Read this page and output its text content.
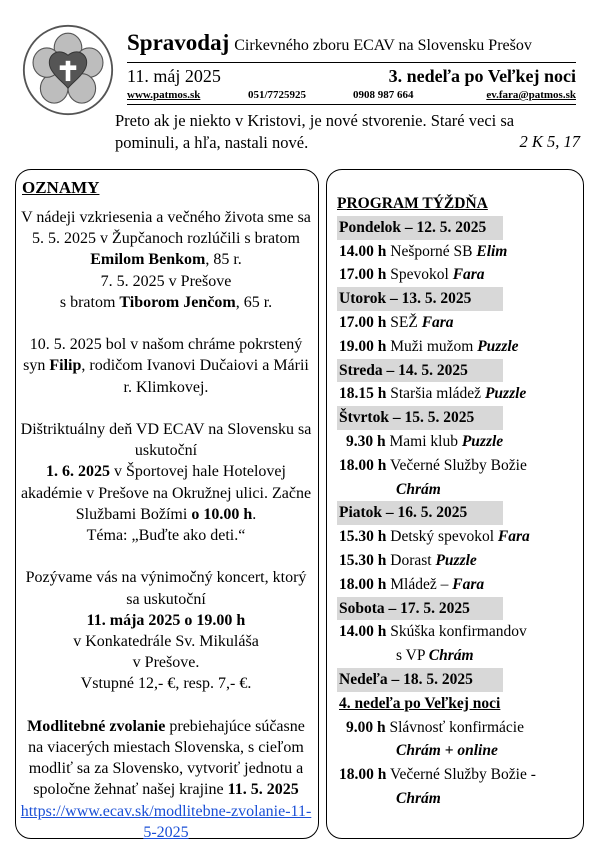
Spravodaj Cirkevného zboru ECAV na Slovensku Prešov
11. máj 2025	3. nedeľa po Veľkej noci
www.patmos.sk	051/7725925	0908 987 664	ev.fara@patmos.sk
Preto ak je niekto v Kristovi, je nové stvorenie. Staré veci sa pominuli, a hľa, nastali nové.	2 K 5, 17
OZNAMY

V nádeji vzkriesenia a večného života sme sa 5. 5. 2025 v Župčanoch rozlúčili s bratom Emilom Benkom, 85 r.
7. 5. 2025 v Prešove
s bratom Tiborom Jenčom, 65 r.

10. 5. 2025 bol v našom chráme pokrstený syn Filip, rodičom Ivanovi Dučaiovi a Márii r. Klimkovej.

Dištriktuálny deň VD ECAV na Slovensku sa uskutoční
1. 6. 2025 v Športovej hale Hotelovej akadémie v Prešove na Okružnej ulici. Začne Službami Božími o 10.00 h.
Téma: „Buďte ako deti.“

Pozývame vás na výnimočný koncert, ktorý sa uskutoční
11. mája 2025 o 19.00 h
v Konkatedrále Sv. Mikuláša
v Prešove.
Vstupné 12,- €, resp. 7,- €.

Modlitebné zvolanie prebiehajúce súčasne na viacerých miestach Slovenska, s cieľom modliť sa za Slovensko, vytvoriť jednotu a spoločne žehnať našej krajine 11. 5. 2025
https://www.ecav.sk/modlitebne-zvolanie-11-5-2025

PROGRAM TÝŽDŇA
Pondelok – 12. 5. 2025
14.00 h Nešporné SB Elim
17.00 h Spevokol Fara
Utorok – 13. 5. 2025
17.00 h SEŽ Fara
19.00 h Muži mužom Puzzle
Streda – 14. 5. 2025
18.15 h Staršia mládež Puzzle
Štvrtok – 15. 5. 2025
9.30 h Mami klub Puzzle
18.00 h Večerné Služby Božie
Chrám
Piatok – 16. 5. 2025
15.30 h Detský spevokol Fara
15.30 h Dorast Puzzle
18.00 h Mládež – Fara
Sobota – 17. 5. 2025
14.00 h Skúška konfirmandov
s VP Chrám
Nedeľa – 18. 5. 2025
4. nedeľa po Veľkej noci
9.00 h Slávnosť konfirmácie
Chrám + online
18.00 h Večerné Služby Božie -
Chrám
